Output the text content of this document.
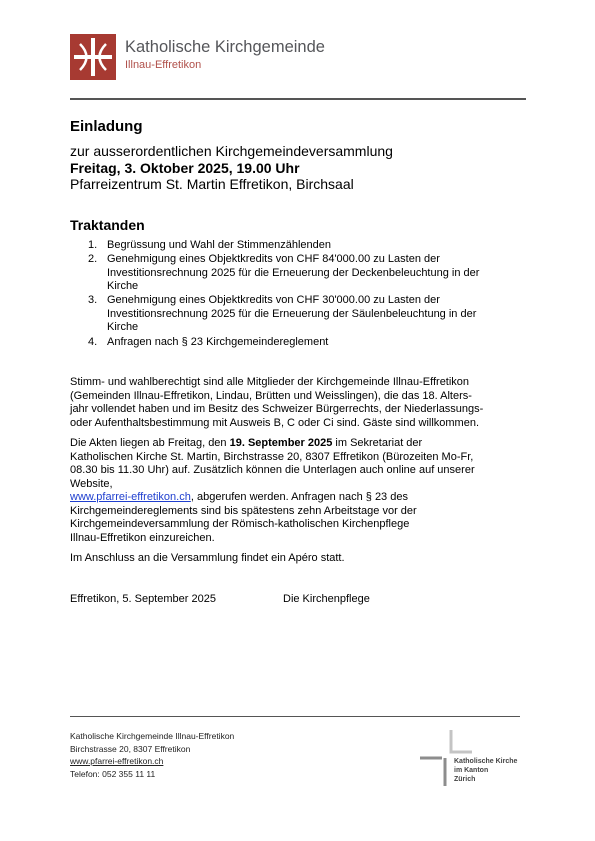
Katholische Kirchgemeinde
Illnau-Effretikon
Einladung
zur ausserordentlichen Kirchgemeindeversammlung
Freitag, 3. Oktober 2025, 19.00 Uhr
Pfarreizentrum St. Martin Effretikon, Birchsaal
Traktanden
1. Begrüssung und Wahl der Stimmenzählenden
2. Genehmigung eines Objektkredits von CHF 84'000.00 zu Lasten der
Investitionsrechnung 2025 für die Erneuerung der Deckenbeleuchtung in der
Kirche
3. Genehmigung eines Objektkredits von CHF 30'000.00 zu Lasten der
Investitionsrechnung 2025 für die Erneuerung der Säulenbeleuchtung in der
Kirche
4. Anfragen nach § 23 Kirchgemeindereglement
Stimm- und wahlberechtigt sind alle Mitglieder der Kirchgemeinde Illnau-Effretikon
(Gemeinden Illnau-Effretikon, Lindau, Brütten und Weisslingen), die das 18. Alters-
jahr vollendet haben und im Besitz des Schweizer Bürgerrechts, der Niederlassungs-
oder Aufenthaltsbestimmung mit Ausweis B, C oder Ci sind. Gäste sind willkommen.
Die Akten liegen ab Freitag, den 19. September 2025 im Sekretariat der
Katholischen Kirche St. Martin, Birchstrasse 20, 8307 Effretikon (Bürozeiten Mo-Fr,
08.30 bis 11.30 Uhr) auf. Zusätzlich können die Unterlagen auch online auf unserer
Website,
www.pfarrei-effretikon.ch, abgerufen werden. Anfragen nach § 23 des
Kirchgemeindereglements sind bis spätestens zehn Arbeitstage vor der
Kirchgemeindeversammlung der Römisch-katholischen Kirchenpflege
Illnau-Effretikon einzureichen.
Im Anschluss an die Versammlung findet ein Apéro statt.
Effretikon, 5. September 2025	Die Kirchenpflege
Katholische Kirchgemeinde Illnau-Effretikon
Birchstrasse 20, 8307 Effretikon
www.pfarrei-effretikon.ch
Telefon: 052 355 11 11
Katholische Kirche
im Kanton
Zürich
